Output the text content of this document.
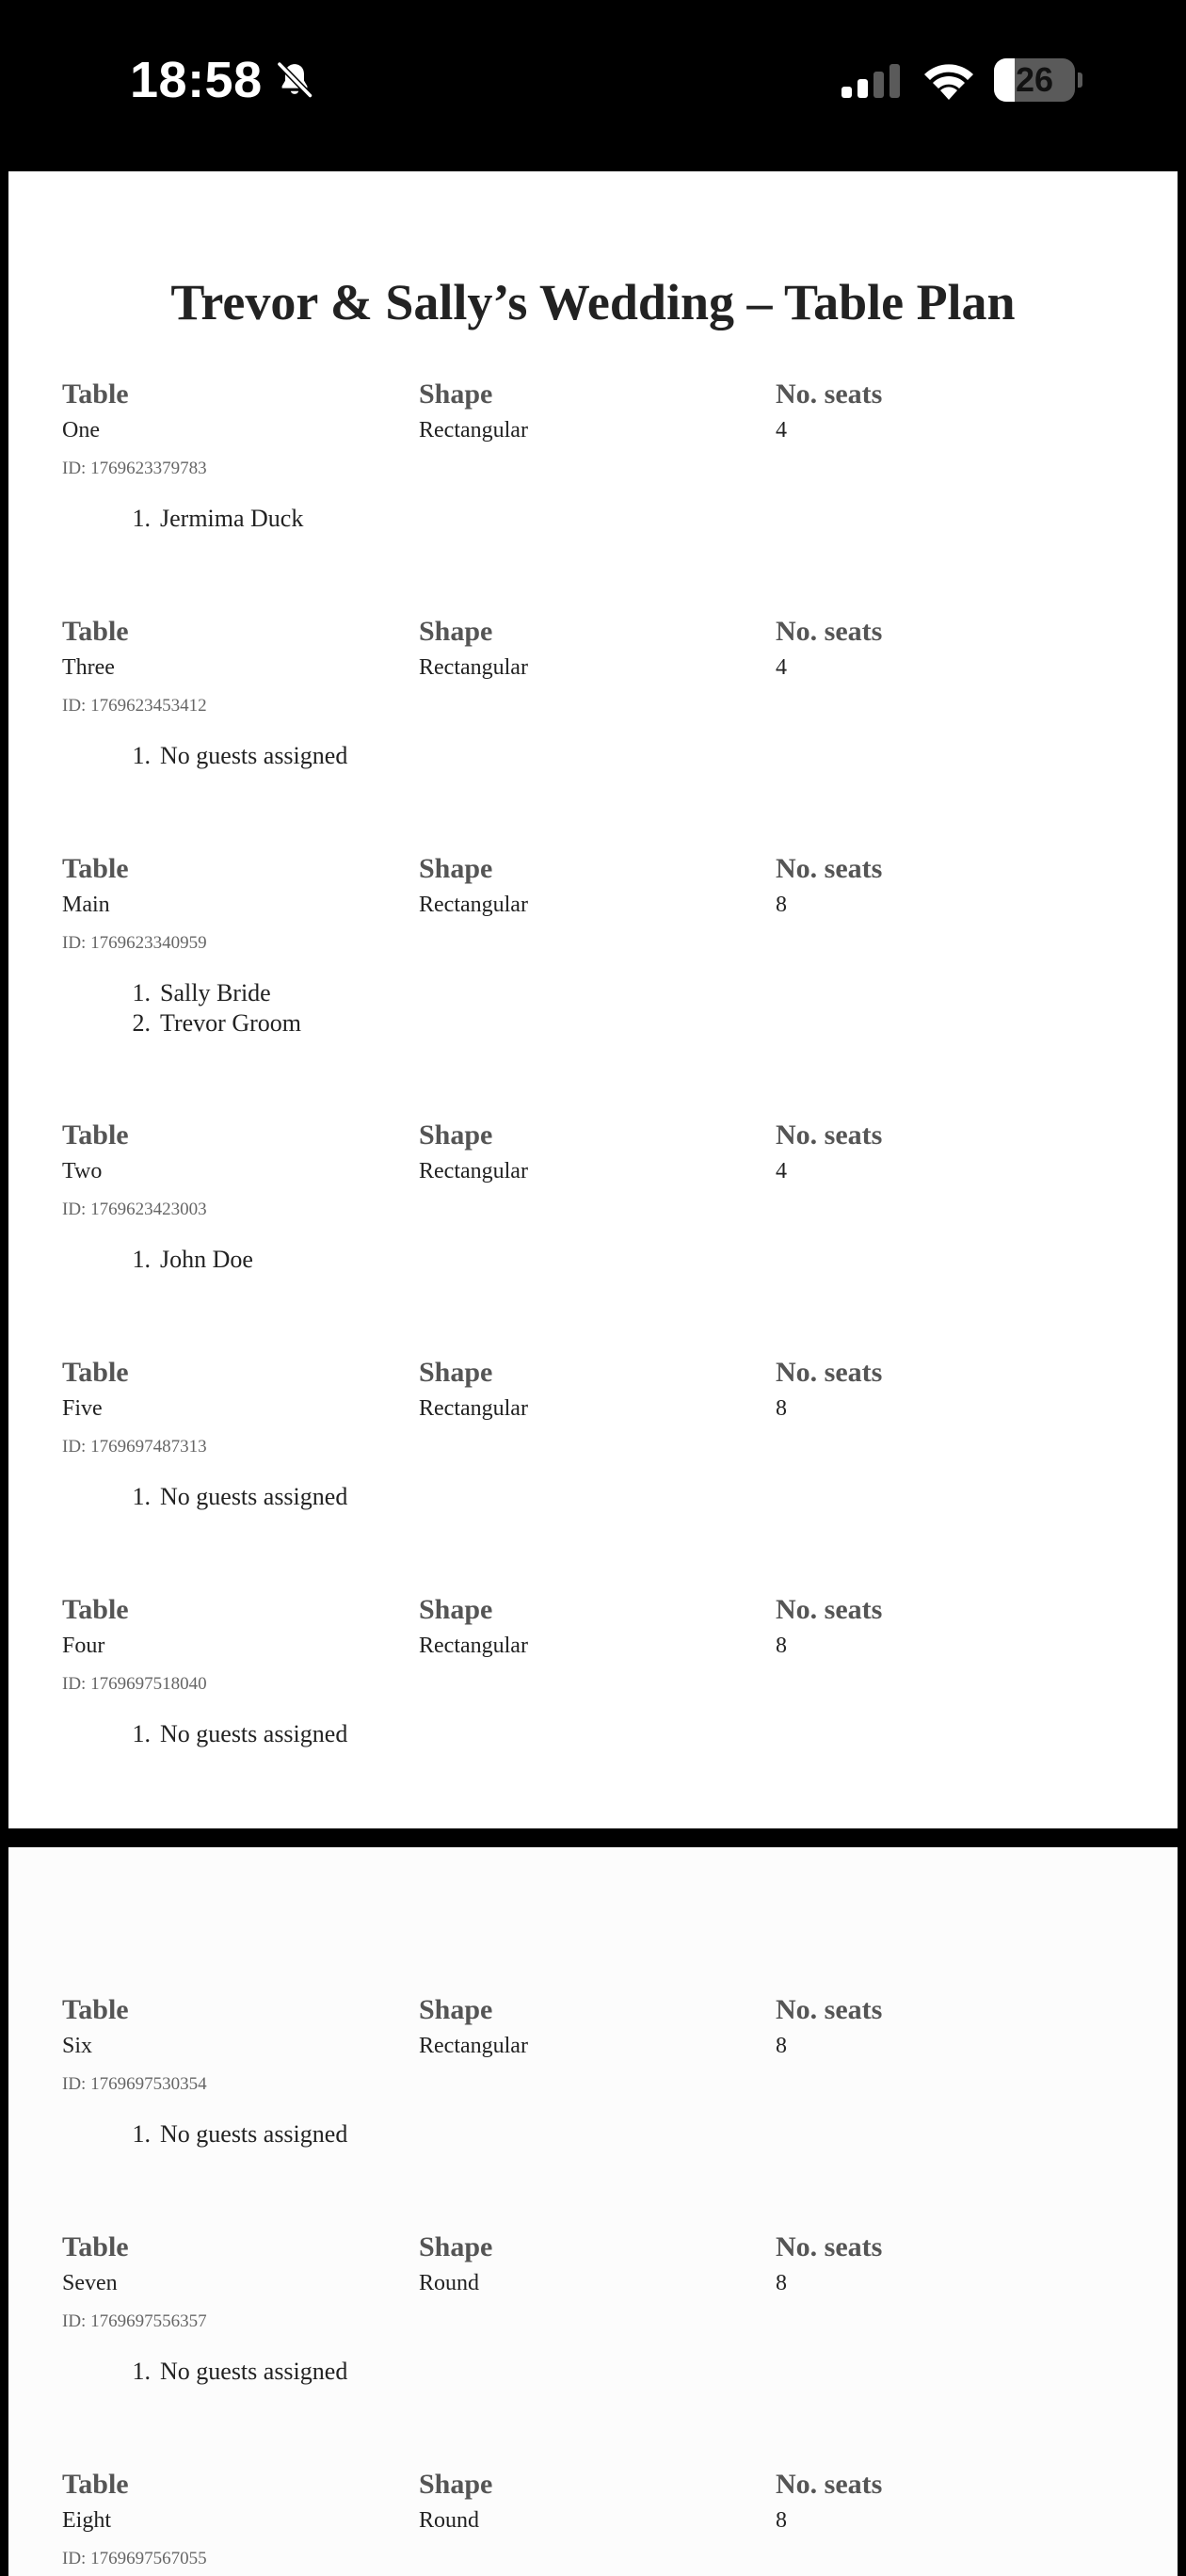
18:58	26
Trevor & Sally’s Wedding – Table Plan
Table
One
Shape
Rectangular
No. seats
4
ID: 1769623379783
1. Jermima Duck
Table
Three
Shape
Rectangular
No. seats
4
ID: 1769623453412
1. No guests assigned
Table
Main
Shape
Rectangular
No. seats
8
ID: 1769623340959
1. Sally Bride
2. Trevor Groom
Table
Two
Shape
Rectangular
No. seats
4
ID: 1769623423003
1. John Doe
Table
Five
Shape
Rectangular
No. seats
8
ID: 1769697487313
1. No guests assigned
Table
Four
Shape
Rectangular
No. seats
8
ID: 1769697518040
1. No guests assigned
Table
Six
Shape
Rectangular
No. seats
8
ID: 1769697530354
1. No guests assigned
Table
Seven
Shape
Round
No. seats
8
ID: 1769697556357
1. No guests assigned
Table
Eight
Shape
Round
No. seats
8
ID: 1769697567055
